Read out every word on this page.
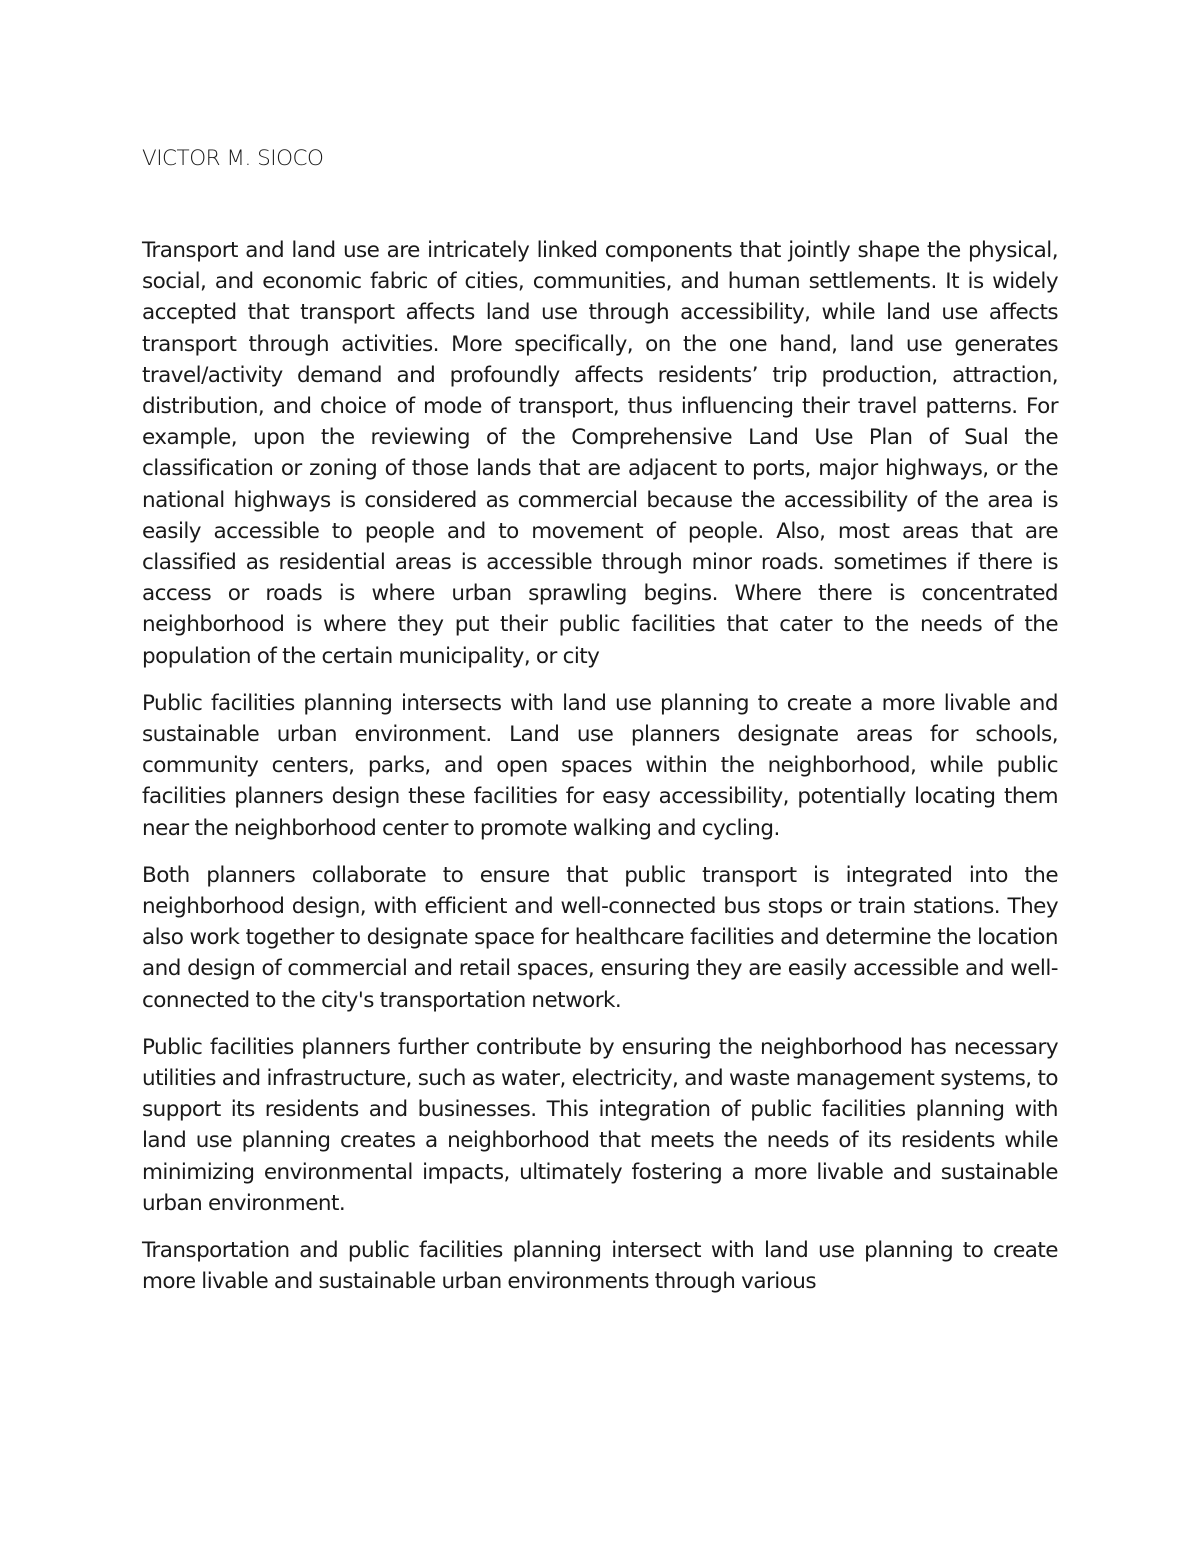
VICTOR M. SIOCO

Transport and land use are intricately linked components that jointly shape the physical, social, and economic fabric of cities, communities, and human settlements. It is widely accepted that transport affects land use through accessibility, while land use affects transport through activities. More specifically, on the one hand, land use generates travel/activity demand and profoundly affects residents’ trip production, attraction, distribution, and choice of mode of transport, thus influencing their travel patterns. For example, upon the reviewing of the Comprehensive Land Use Plan of Sual the classification or zoning of those lands that are adjacent to ports, major highways, or the national highways is considered as commercial because the accessibility of the area is easily accessible to people and to movement of people. Also, most areas that are classified as residential areas is accessible through minor roads. sometimes if there is access or roads is where urban sprawling begins. Where there is concentrated neighborhood is where they put their public facilities that cater to the needs of the population of the certain municipality, or city

Public facilities planning intersects with land use planning to create a more livable and sustainable urban environment. Land use planners designate areas for schools, community centers, parks, and open spaces within the neighborhood, while public facilities planners design these facilities for easy accessibility, potentially locating them near the neighborhood center to promote walking and cycling.

Both planners collaborate to ensure that public transport is integrated into the neighborhood design, with efficient and well-connected bus stops or train stations. They also work together to designate space for healthcare facilities and determine the location and design of commercial and retail spaces, ensuring they are easily accessible and well-connected to the city's transportation network.

Public facilities planners further contribute by ensuring the neighborhood has necessary utilities and infrastructure, such as water, electricity, and waste management systems, to support its residents and businesses. This integration of public facilities planning with land use planning creates a neighborhood that meets the needs of its residents while minimizing environmental impacts, ultimately fostering a more livable and sustainable urban environment.

Transportation and public facilities planning intersect with land use planning to create more livable and sustainable urban environments through various
